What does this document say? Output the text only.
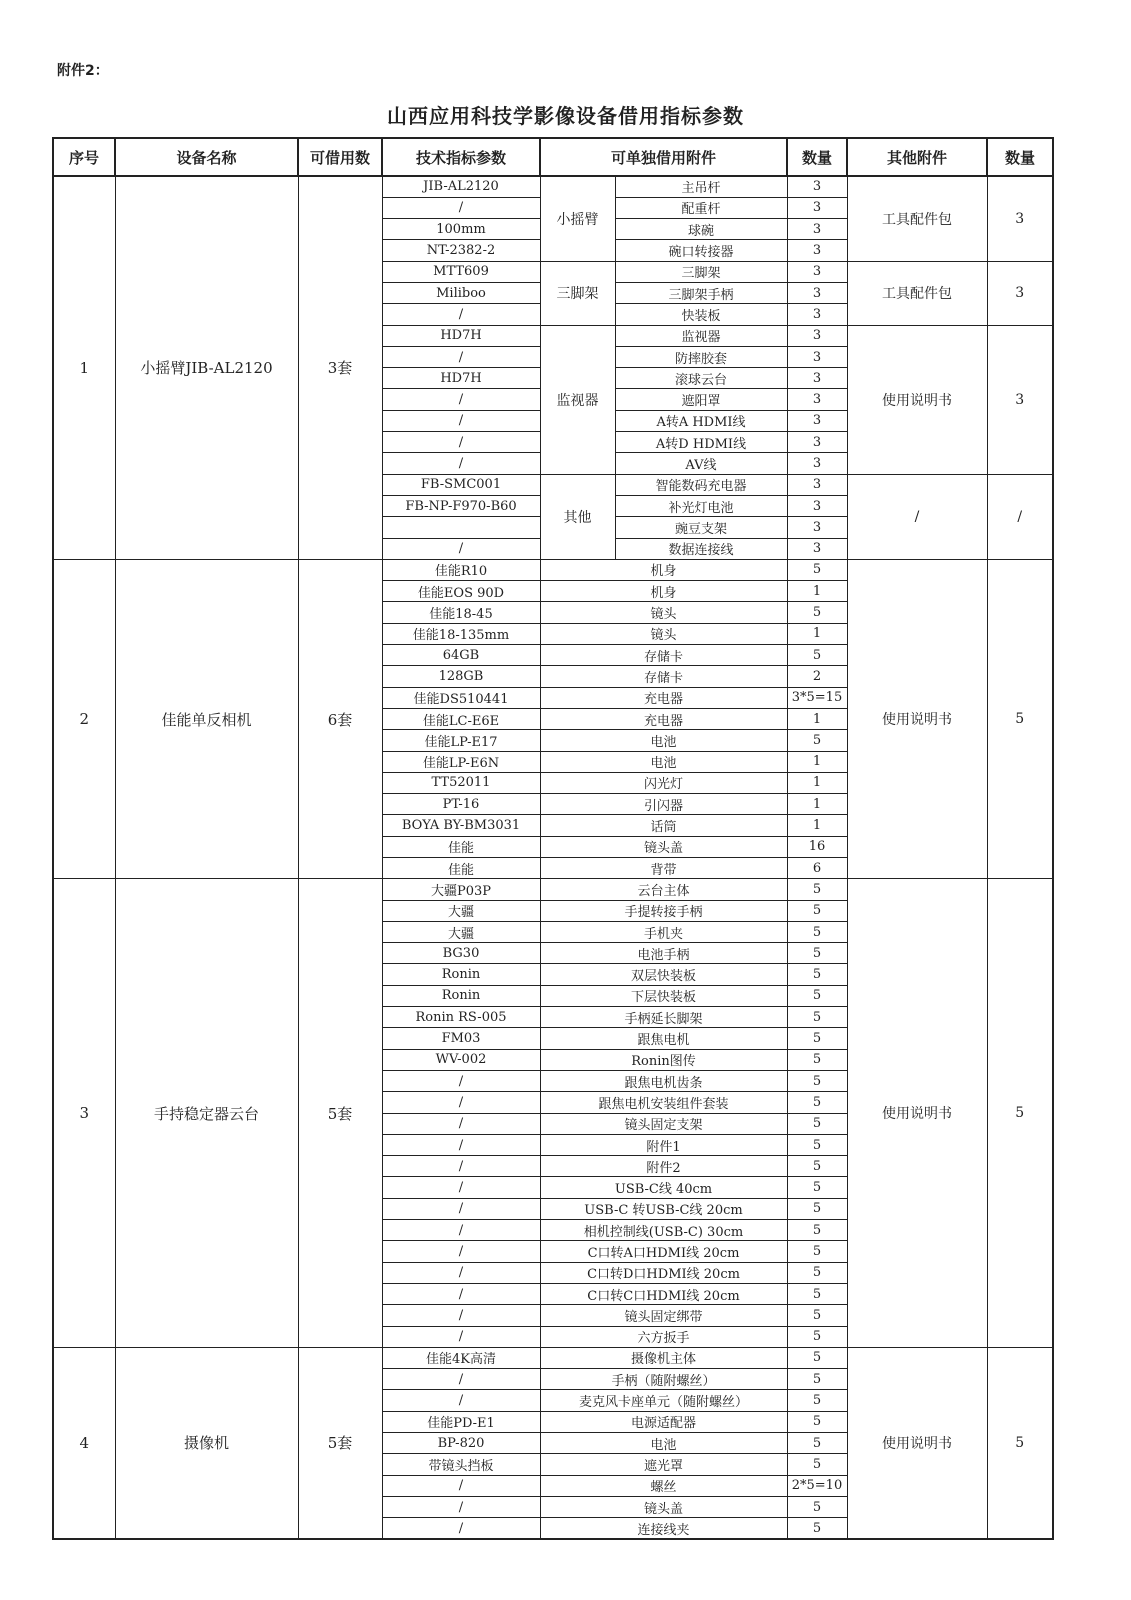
附件2：
山西应用科技学影像设备借用指标参数
序号	设备名称	可借用数	技术指标参数	可单独借用附件		数量	其他附件	数量
1	小摇臂JIB-AL2120	3套	JIB-AL2120	小摇臂	主吊杆	3	工具配件包	3
			/		配重杆	3		
			100mm		球碗	3		
			NT-2382-2		碗口转接器	3		
			MTT609	三脚架	三脚架	3	工具配件包	3
			Miliboo		三脚架手柄	3		
			/		快装板	3		
			HD7H	监视器	监视器	3	使用说明书	3
			/		防摔胶套	3		
			HD7H		滚球云台	3		
			/		遮阳罩	3		
			/		A转A HDMI线	3		
			/		A转D HDMI线	3		
			/		AV线	3		
			FB-SMC001	其他	智能数码充电器	3	/	/
			FB-NP-F970-B60		补光灯电池	3		
					豌豆支架	3		
			/		数据连接线	3		
2	佳能单反相机	6套	佳能R10	机身		5	使用说明书	5
			佳能EOS 90D	机身		1		
			佳能18-45	镜头		5		
			佳能18-135mm	镜头		1		
			64GB	存储卡		5		
			128GB	存储卡		2		
			佳能DS510441	充电器		3*5=15		
			佳能LC-E6E	充电器		1		
			佳能LP-E17	电池		5		
			佳能LP-E6N	电池		1		
			TT52011	闪光灯		1		
			PT-16	引闪器		1		
			BOYA BY-BM3031	话筒		1		
			佳能	镜头盖		16		
			佳能	背带		6		
3	手持稳定器云台	5套	大疆P03P	云台主体		5	使用说明书	5
			大疆	手提转接手柄		5		
			大疆	手机夹		5		
			BG30	电池手柄		5		
			Ronin	双层快装板		5		
			Ronin	下层快装板		5		
			Ronin RS-005	手柄延长脚架		5		
			FM03	跟焦电机		5		
			WV-002	Ronin图传		5		
			/	跟焦电机齿条		5		
			/	跟焦电机安装组件套装		5		
			/	镜头固定支架		5		
			/	附件1		5		
			/	附件2		5		
			/	USB-C线 40cm		5		
			/	USB-C 转USB-C线 20cm		5		
			/	相机控制线(USB-C) 30cm		5		
			/	C口转A口HDMI线 20cm		5		
			/	C口转D口HDMI线 20cm		5		
			/	C口转C口HDMI线 20cm		5		
			/	镜头固定绑带		5		
			/	六方扳手		5		
4	摄像机	5套	佳能4K高清	摄像机主体		5	使用说明书	5
			/	手柄（随附螺丝）		5		
			/	麦克风卡座单元（随附螺丝）		5		
			佳能PD-E1	电源适配器		5		
			BP-820	电池		5		
			带镜头挡板	遮光罩		5		
			/	螺丝		2*5=10		
			/	镜头盖		5		
			/	连接线夹		5		
